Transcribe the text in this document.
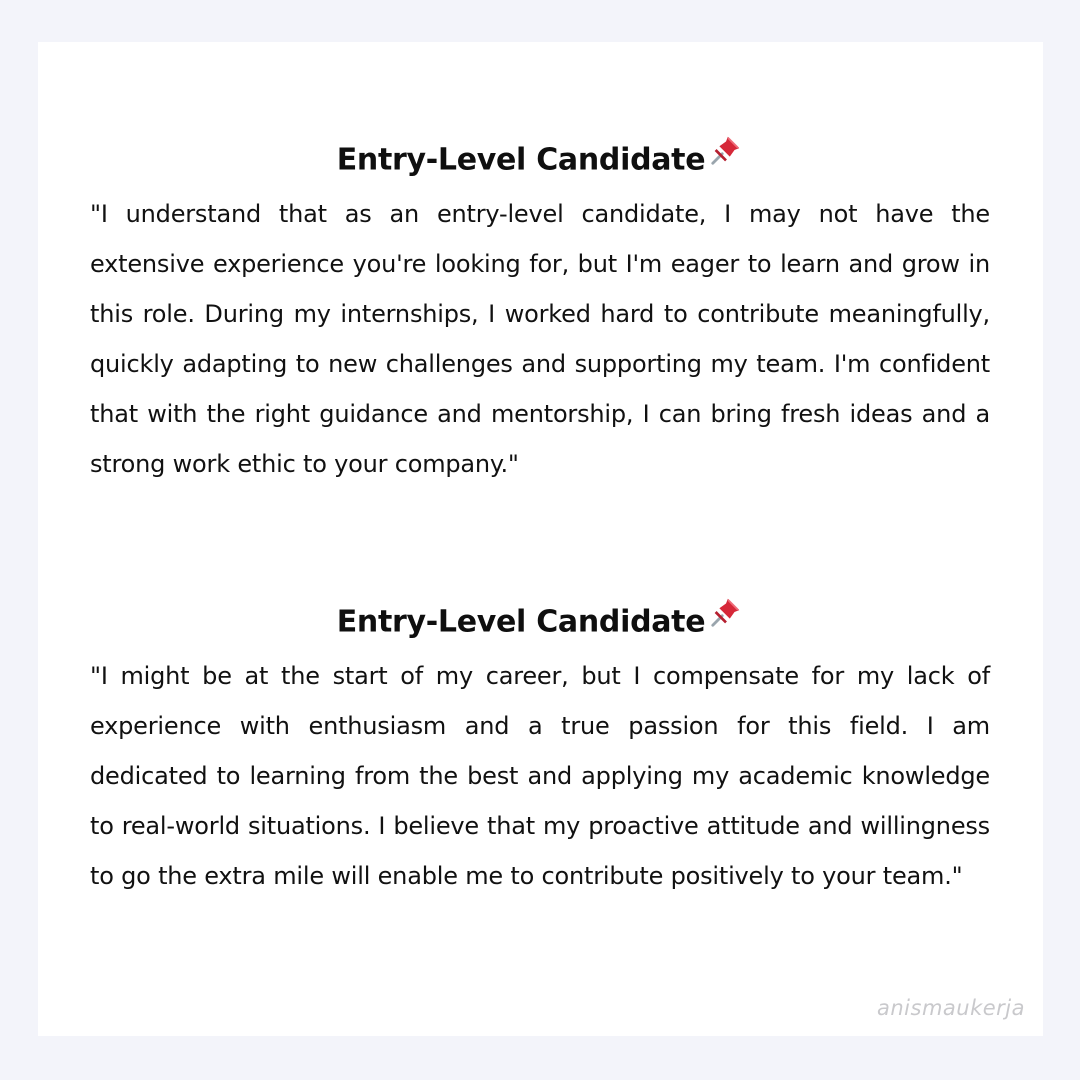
Entry-Level Candidate

"I understand that as an entry-level candidate, I may not have the extensive experience you're looking for, but I'm eager to learn and grow in this role. During my internships, I worked hard to contribute meaningfully, quickly adapting to new challenges and supporting my team. I'm confident that with the right guidance and mentorship, I can bring fresh ideas and a strong work ethic to your company."

Entry-Level Candidate

"I might be at the start of my career, but I compensate for my lack of experience with enthusiasm and a true passion for this field. I am dedicated to learning from the best and applying my academic knowledge to real-world situations. I believe that my proactive attitude and willingness to go the extra mile will enable me to contribute positively to your team."

anismaukerja
